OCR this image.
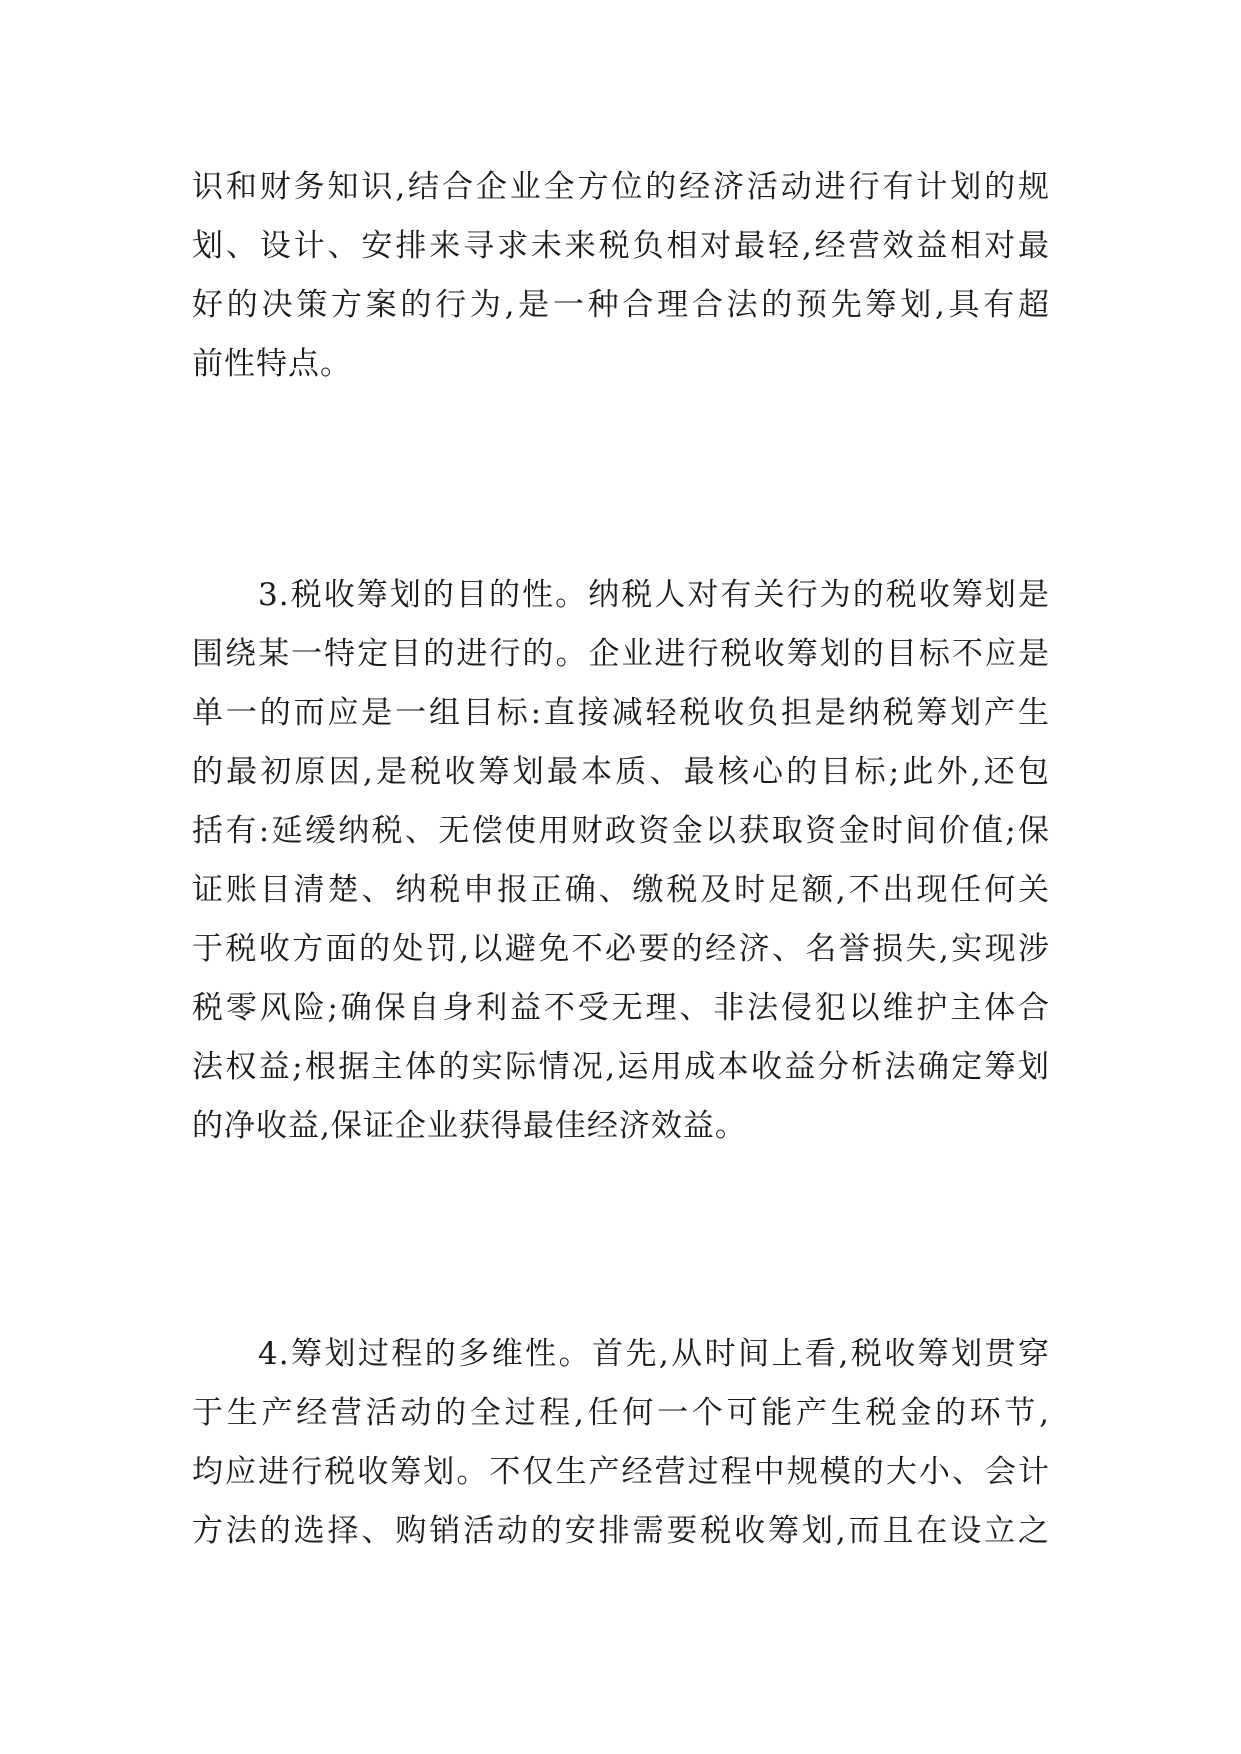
识和财务知识,结合企业全方位的经济活动进行有计划的规
划、设计、安排来寻求未来税负相对最轻,经营效益相对最
好的决策方案的行为,是一种合理合法的预先筹划,具有超
前性特点。
3.税收筹划的目的性。纳税人对有关行为的税收筹划是
围绕某一特定目的进行的。企业进行税收筹划的目标不应是
单一的而应是一组目标:直接减轻税收负担是纳税筹划产生
的最初原因,是税收筹划最本质、最核心的目标;此外,还包
括有:延缓纳税、无偿使用财政资金以获取资金时间价值;保
证账目清楚、纳税申报正确、缴税及时足额,不出现任何关
于税收方面的处罚,以避免不必要的经济、名誉损失,实现涉
税零风险;确保自身利益不受无理、非法侵犯以维护主体合
法权益;根据主体的实际情况,运用成本收益分析法确定筹划
的净收益,保证企业获得最佳经济效益。
4.筹划过程的多维性。首先,从时间上看,税收筹划贯穿
于生产经营活动的全过程,任何一个可能产生税金的环节,
均应进行税收筹划。不仅生产经营过程中规模的大小、会计
方法的选择、购销活动的安排需要税收筹划,而且在设立之
